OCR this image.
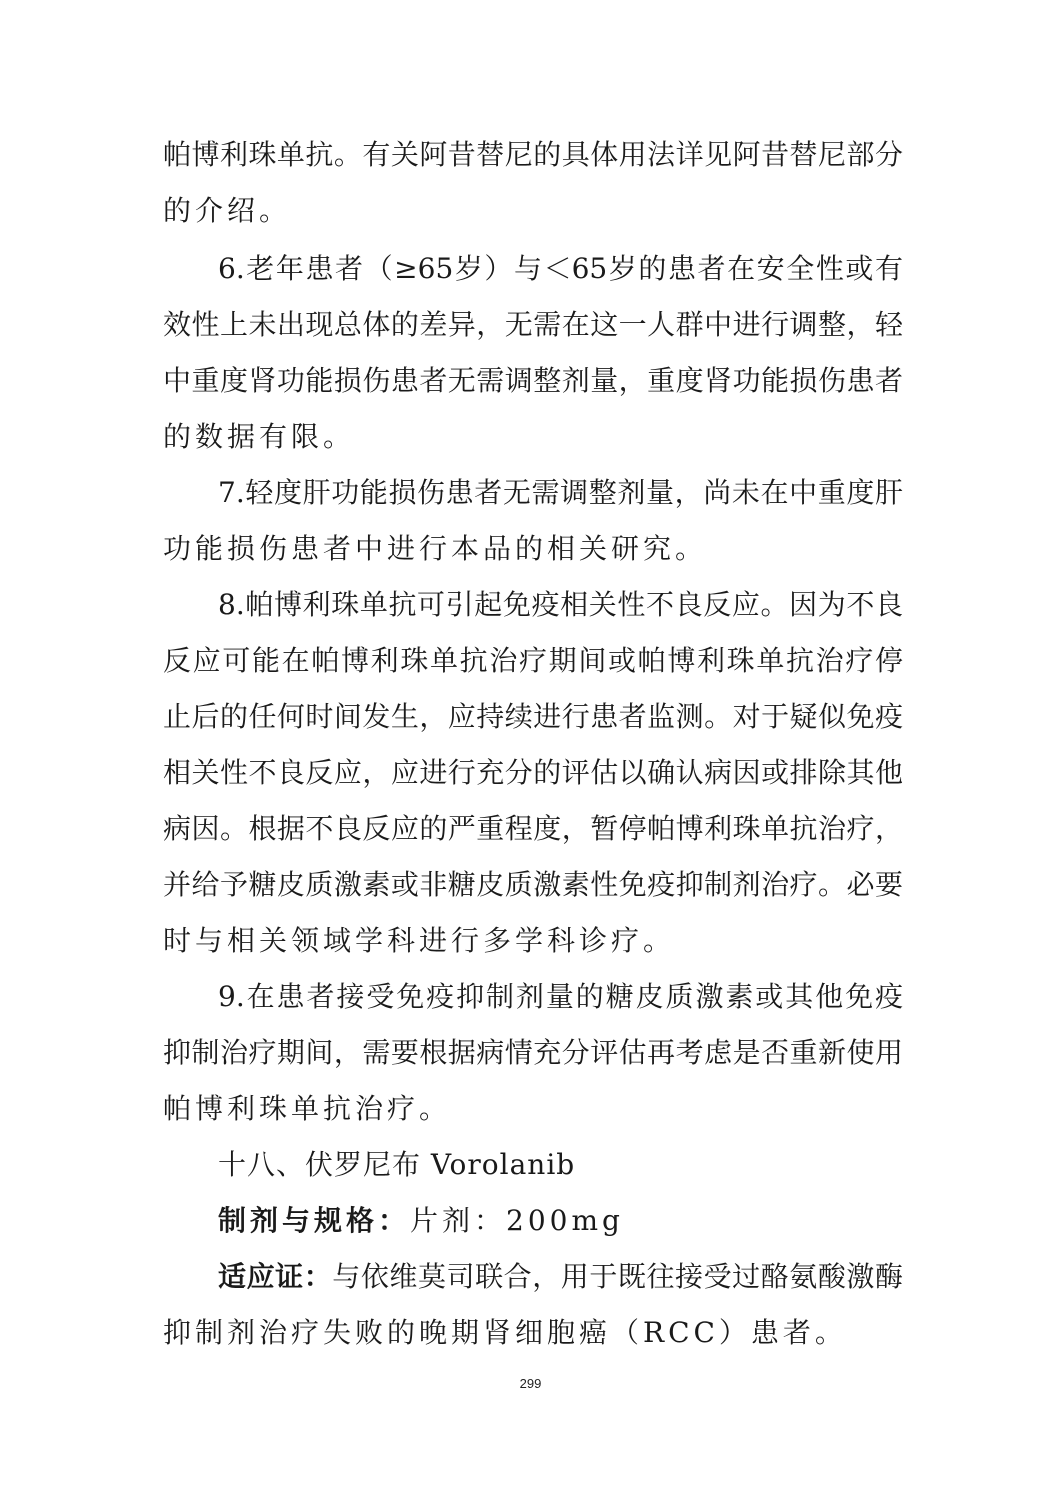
帕博利珠单抗。有关阿昔替尼的具体用法详见阿昔替尼部分
的介绍。
6.老年患者（≥65岁）与＜65岁的患者在安全性或有
效性上未出现总体的差异，无需在这一人群中进行调整，轻
中重度肾功能损伤患者无需调整剂量，重度肾功能损伤患者
的数据有限。
7.轻度肝功能损伤患者无需调整剂量，尚未在中重度肝
功能损伤患者中进行本品的相关研究。
8.帕博利珠单抗可引起免疫相关性不良反应。因为不良
反应可能在帕博利珠单抗治疗期间或帕博利珠单抗治疗停
止后的任何时间发生，应持续进行患者监测。对于疑似免疫
相关性不良反应，应进行充分的评估以确认病因或排除其他
病因。根据不良反应的严重程度，暂停帕博利珠单抗治疗，
并给予糖皮质激素或非糖皮质激素性免疫抑制剂治疗。必要
时与相关领域学科进行多学科诊疗。
9.在患者接受免疫抑制剂量的糖皮质激素或其他免疫
抑制治疗期间，需要根据病情充分评估再考虑是否重新使用
帕博利珠单抗治疗。
十八、伏罗尼布 Vorolanib
制剂与规格：片剂：200mg
适应证：与依维莫司联合，用于既往接受过酪氨酸激酶
抑制剂治疗失败的晚期肾细胞癌（RCC）患者。
299
